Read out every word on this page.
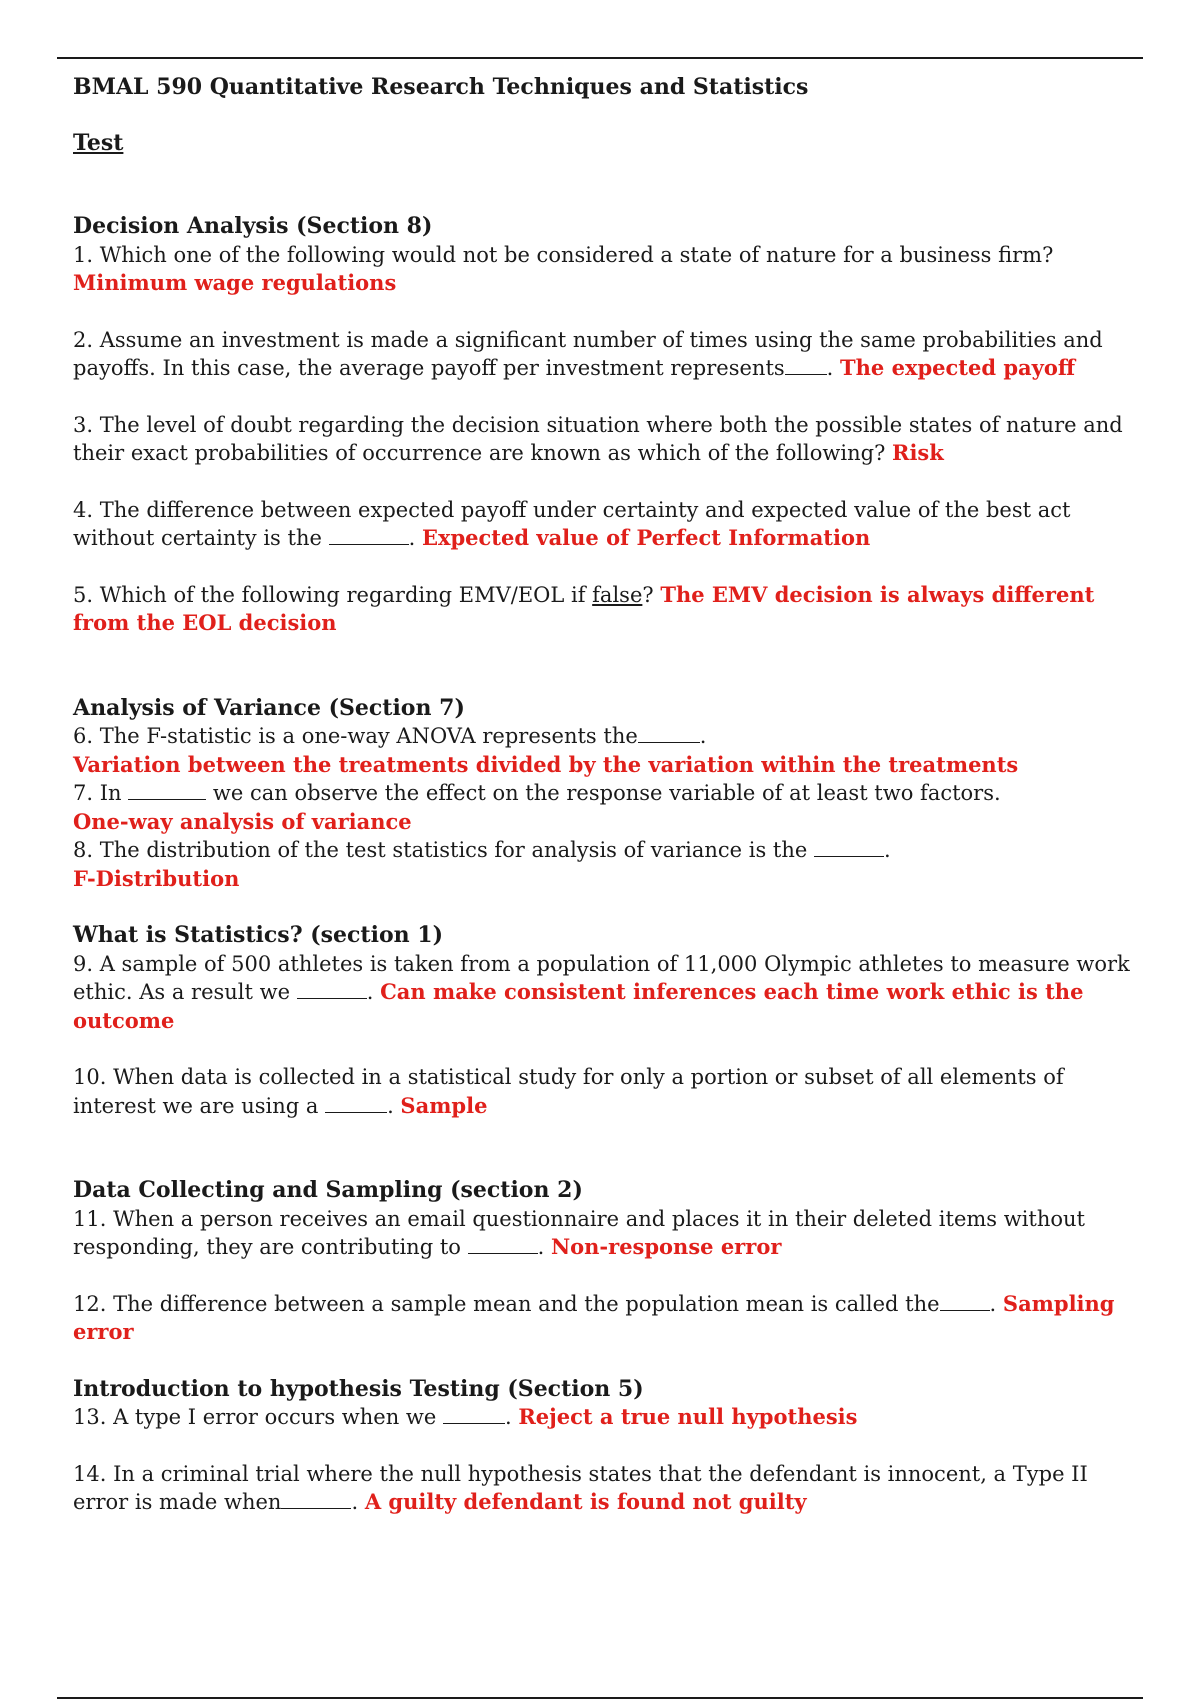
BMAL 590 Quantitative Research Techniques and Statistics

Test
Decision Analysis (Section 8)

1. Which one of the following would not be considered a state of nature for a business firm? Minimum wage regulations

2. Assume an investment is made a significant number of times using the same probabilities and payoffs. In this case, the average payoff per investment represents . The expected payoff

3. The level of doubt regarding the decision situation where both the possible states of nature and their exact probabilities of occurrence are known as which of the following? Risk

4. The difference between expected payoff under certainty and expected value of the best act without certainty is the	. Expected value of Perfect Information

5. Which of the following regarding EMV/EOL if false? The EMV decision is always different from the EOL decision

Analysis of Variance (Section 7)

6. The F-statistic is a one-way ANOVA represents the	.

Variation between the treatments divided by the variation within the treatments

7. In	we can observe the effect on the response variable of at least two factors.

One-way analysis of variance

8. The distribution of the test statistics for analysis of variance is the	.

F-Distribution

What is Statistics? (section 1)

9. A sample of 500 athletes is taken from a population of 11,000 Olympic athletes to measure work ethic. As a result we	. Can make consistent inferences each time work ethic is the outcome

10. When data is collected in a statistical study for only a portion or subset of all elements of interest we are using a	. Sample

Data Collecting and Sampling (section 2)

11. When a person receives an email questionnaire and places it in their deleted items without responding, they are contributing to	. Non-response error

12. The difference between a sample mean and the population mean is called the . Sampling error

Introduction to hypothesis Testing (Section 5)

13. A type I error occurs when we	. Reject a true null hypothesis

14. In a criminal trial where the null hypothesis states that the defendant is innocent, a Type II error is made when	. A guilty defendant is found not guilty
